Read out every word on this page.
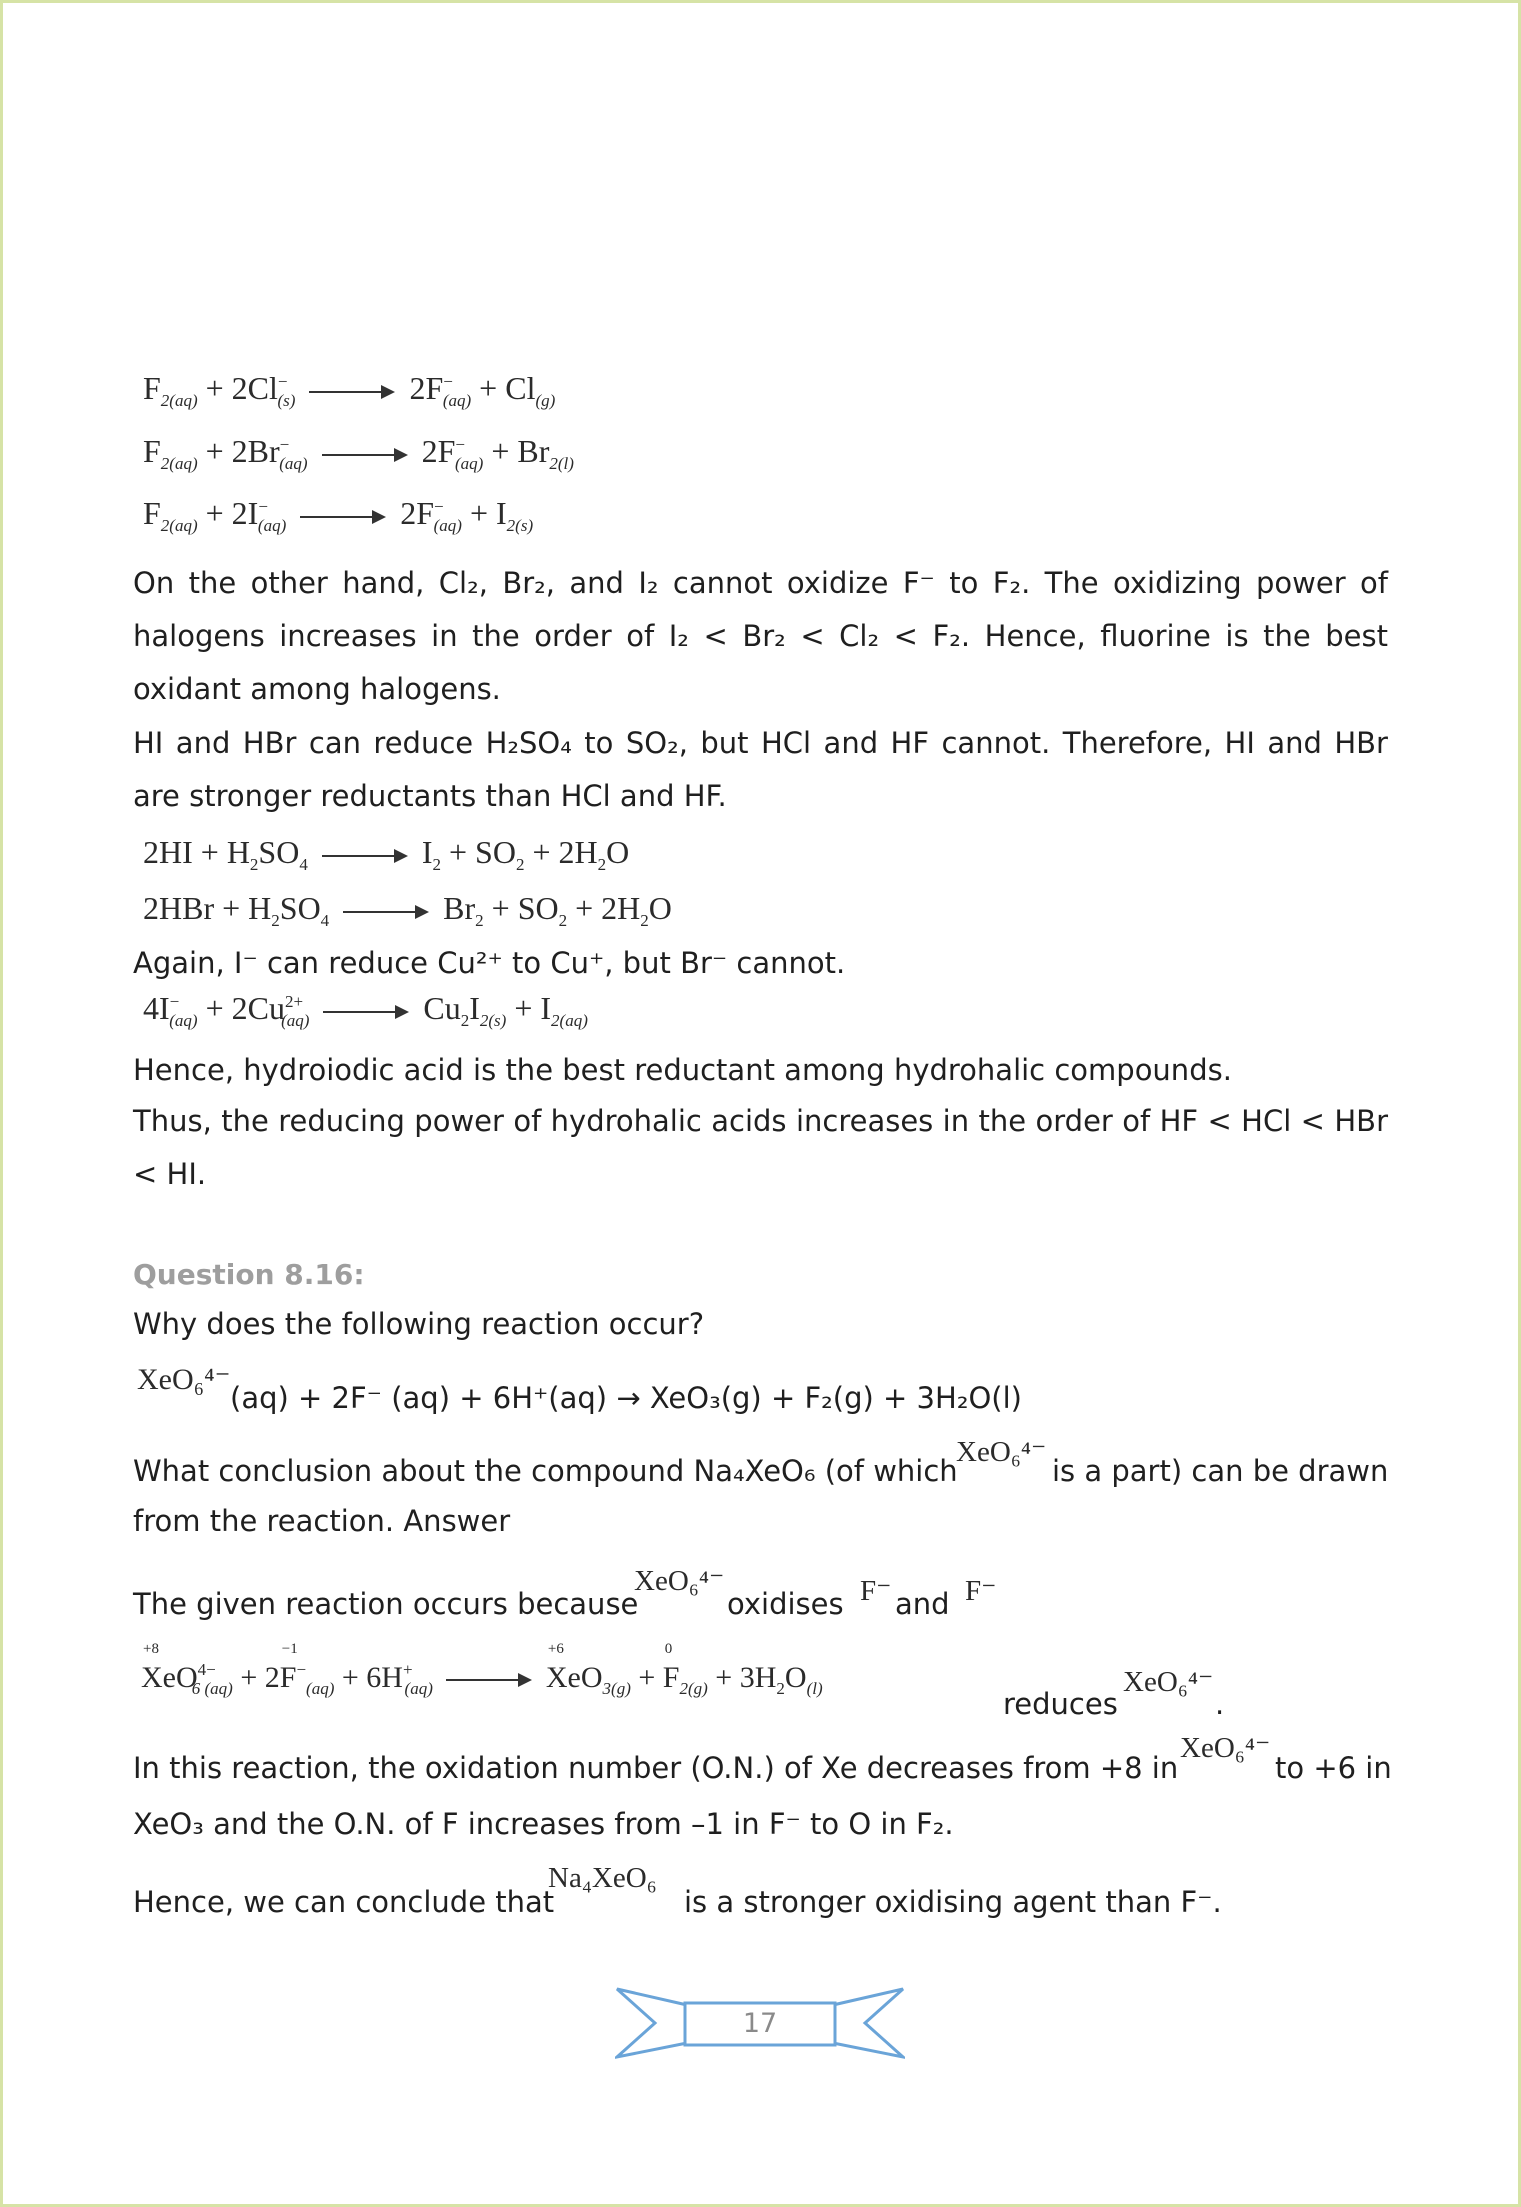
$F_{2(aq)} + 2Cl^-_{(s)}$	$2F^-_{(aq)} + Cl_{(g)}$
$F_{2(aq)} + 2Br^-_{(aq)}$	$2F^-_{(aq)} + Br_{2(l)}$
$F_{2(aq)} + 2I^-_{(aq)}$	$2F^-_{(aq)} + I_{2(s)}$
On the other hand, Cl₂, Br₂, and I₂ cannot oxidize F⁻ to F₂. The oxidizing power of halogens increases in the order of I₂ < Br₂ < Cl₂ < F₂. Hence, fluorine is the best oxidant among halogens.
HI and HBr can reduce H₂SO₄ to SO₂, but HCl and HF cannot. Therefore, HI and HBr are stronger reductants than HCl and HF.
$2HI + H_2SO_4$	$I_2 + SO_2 + 2H_2O$
$2HBr + H_2SO_4$	$Br_2 + SO_2 + 2H_2O$
Again, I⁻ can reduce Cu²⁺ to Cu⁺, but Br⁻ cannot.
$4I^-_{(aq)} + 2Cu^{2+}_{(aq)}$	$Cu_2I_{2(s)} + I_{2(aq)}$
Hence, hydroiodic acid is the best reductant among hydrohalic compounds.
Thus, the reducing power of hydrohalic acids increases in the order of HF < HCl < HBr < HI.
Question 8.16:
Why does the following reaction occur?
XeO₆⁴⁻
(aq) + 2F⁻ (aq) + 6H⁺(aq) → XeO₃(g) + F₂(g) + 3H₂O(l)
What conclusion about the compound Na₄XeO₆ (of which
XeO₆⁴⁻
is a part) can be drawn
from the reaction. Answer
The given reaction occurs because
XeO₆⁴⁻
oxidises F⁻ and F⁻
X
+8
$eO^{4-}_{6 (aq)} + 2F$
−1
$^-_{(aq)} + 6H^+_{(aq)}$	X
+6
$eO_{3(g)} + F$
0
$_{2(g)} + 3H_2O_{(l)}$	reduces
XeO₆⁴⁻
.
In this reaction, the oxidation number (O.N.) of Xe decreases from +8 in
XeO₆⁴⁻
to +6 in
XeO₃ and the O.N. of F increases from –1 in F⁻ to O in F₂.
Hence, we can conclude that
Na₄XeO₆
is a stronger oxidising agent than F⁻.
17
